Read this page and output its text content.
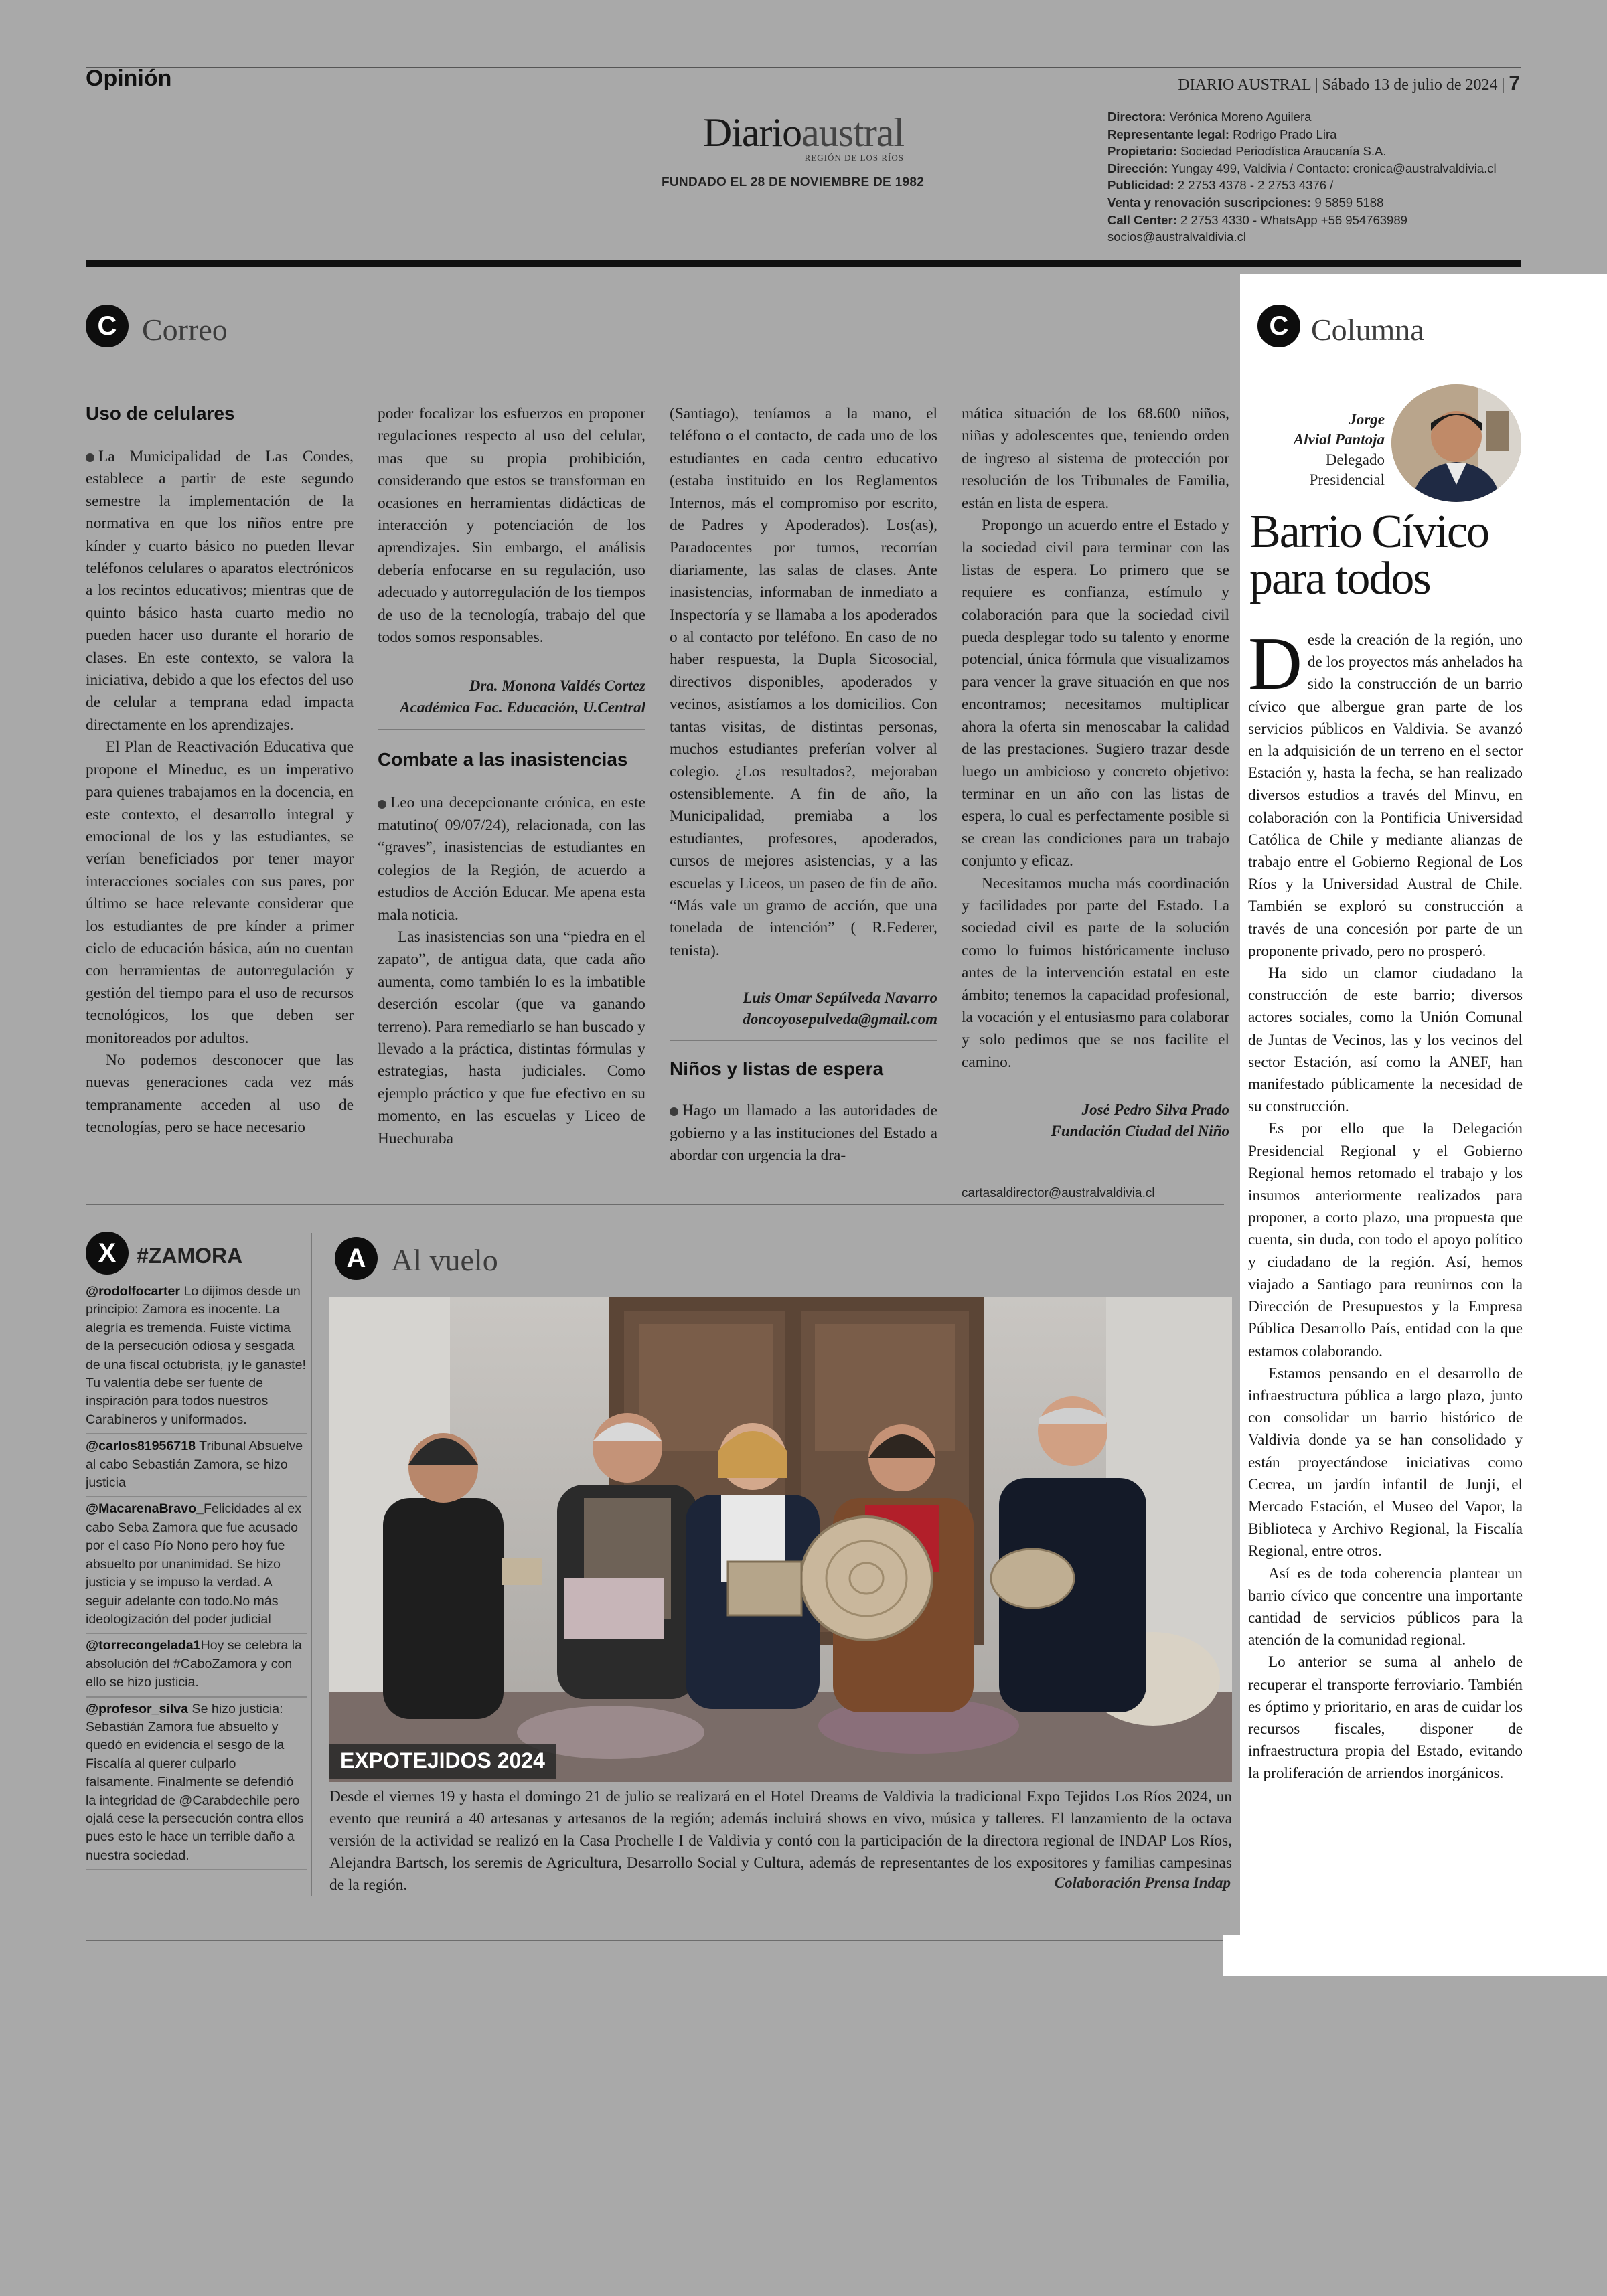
Opinión	DIARIO AUSTRAL | Sábado 13 de julio de 2024 | 7
Diarioaustral
REGIÓN DE LOS RÍOS
FUNDADO EL 28 DE NOVIEMBRE DE 1982
Directora: Verónica Moreno Aguilera
Representante legal: Rodrigo Prado Lira
Propietario: Sociedad Periodística Araucanía S.A.
Dirección: Yungay 499, Valdivia / Contacto: cronica@australvaldivia.cl
Publicidad: 2 2753 4378 - 2 2753 4376 /
Venta y renovación suscripciones: 9 5859 5188
Call Center: 2 2753 4330 - WhatsApp +56 954763989
socios@australvaldivia.cl
C Correo
Uso de celulares

La Municipalidad de Las Condes, establece a partir de este segundo semestre la implementación de la normativa en que los niños entre pre kínder y cuarto básico no pueden llevar teléfonos celulares o aparatos electrónicos a los recintos educativos; mientras que de quinto básico hasta cuarto medio no pueden hacer uso durante el horario de clases. En este contexto, se valora la iniciativa, debido a que los efectos del uso de celular a temprana edad impacta directamente en los aprendizajes.

El Plan de Reactivación Educativa que propone el Mineduc, es un imperativo para quienes trabajamos en la docencia, en este contexto, el desarrollo integral y emocional de los y las estudiantes, se verían beneficiados por tener mayor interacciones sociales con sus pares, por último se hace relevante considerar que los estudiantes de pre kínder a primer ciclo de educación básica, aún no cuentan con herramientas de autorregulación y gestión del tiempo para el uso de recursos tecnológicos, los que deben ser monitoreados por adultos.

No podemos desconocer que las nuevas generaciones cada vez más tempranamente acceden al uso de tecnologías, pero se hace necesario

poder focalizar los esfuerzos en proponer regulaciones respecto al uso del celular, mas que su propia prohibición, considerando que estos se transforman en ocasiones en herramientas didácticas de interacción y potenciación de los aprendizajes. Sin embargo, el análisis debería enfocarse en su regulación, uso adecuado y autorregulación de los tiempos de uso de la tecnología, trabajo del que todos somos responsables.

Dra. Monona Valdés Cortez

Académica Fac. Educación, U.Central

Combate a las inasistencias

Leo una decepcionante crónica, en este matutino( 09/07/24), relacionada, con las “graves”, inasistencias de estudiantes en colegios de la Región, de acuerdo a estudios de Acción Educar. Me apena esta mala noticia.

Las inasistencias son una “piedra en el zapato”, de antigua data, que cada año aumenta, como también lo es la imbatible deserción escolar (que va ganando terreno). Para remediarlo se han buscado y llevado a la práctica, distintas fórmulas y estrategias, hasta judiciales. Como ejemplo práctico y que fue efectivo en su momento, en las escuelas y Liceo de Huechuraba

(Santiago), teníamos a la mano, el teléfono o el contacto, de cada uno de los estudiantes en cada centro educativo (estaba instituido en los Reglamentos Internos, más el compromiso por escrito, de Padres y Apoderados). Los(as), Paradocentes por turnos, recorrían diariamente, las salas de clases. Ante inasistencias, informaban de inmediato a Inspectoría y se llamaba a los apoderados o al contacto por teléfono. En caso de no haber respuesta, la Dupla Sicosocial, directivos disponibles, apoderados y vecinos, asistíamos a los domicilios. Con tantas visitas, de distintas personas, muchos estudiantes preferían volver al colegio. ¿Los resultados?, mejoraban ostensiblemente. A fin de año, la Municipalidad, premiaba a los estudiantes, profesores, apoderados, cursos de mejores asistencias, y a las escuelas y Liceos, un paseo de fin de año. “Más vale un gramo de acción, que una tonelada de intención” ( R.Federer, tenista).

Luis Omar Sepúlveda Navarro

doncoyosepulveda@gmail.com

Niños y listas de espera

Hago un llamado a las autoridades de gobierno y a las instituciones del Estado a abordar con urgencia la dra-

mática situación de los 68.600 niños, niñas y adolescentes que, teniendo orden de ingreso al sistema de protección por resolución de los Tribunales de Familia, están en lista de espera.

Propongo un acuerdo entre el Estado y la sociedad civil para terminar con las listas de espera. Lo primero que se requiere es confianza, estímulo y colaboración para que la sociedad civil pueda desplegar todo su talento y enorme potencial, única fórmula que visualizamos para vencer la grave situación en que nos encontramos; necesitamos multiplicar ahora la oferta sin menoscabar la calidad de las prestaciones. Sugiero trazar desde luego un ambicioso y concreto objetivo: terminar en un año con las listas de espera, lo cual es perfectamente posible si se crean las condiciones para un trabajo conjunto y eficaz.

Necesitamos mucha más coordinación y facilidades por parte del Estado. La sociedad civil es parte de la solución como lo fuimos históricamente incluso antes de la intervención estatal en este ámbito; tenemos la capacidad profesional, la vocación y el entusiasmo para colaborar y solo pedimos que se nos facilite el camino.

José Pedro Silva Prado

Fundación Ciudad del Niño

cartasaldirector@australvaldivia.cl
X #ZAMORA

@rodolfocarter Lo dijimos desde un principio: Zamora es inocente. La alegría es tremenda. Fuiste víctima de la persecución odiosa y sesgada de una fiscal octubrista, ¡y le ganaste! Tu valentía debe ser fuente de inspiración para todos nuestros Carabineros y uniformados.

@carlos81956718 Tribunal Absuelve al cabo Sebastián Zamora, se hizo justicia

@MacarenaBravo_Felicidades al ex cabo Seba Zamora que fue acusado por el caso Pío Nono pero hoy fue absuelto por unanimidad. Se hizo justicia y se impuso la verdad. A seguir adelante con todo.No más ideologización del poder judicial

@torrecongelada1Hoy se celebra la absolución del #CaboZamora y con ello se hizo justicia.

@profesor_silva Se hizo justicia: Sebastián Zamora fue absuelto y quedó en evidencia el sesgo de la Fiscalía al querer culparlo falsamente. Finalmente se defendió la integridad de @Carabdechile pero ojalá cese la persecución contra ellos pues esto le hace un terrible daño a nuestra sociedad.

A Al vuelo
EXPOTEJIDOS 2024
Desde el viernes 19 y hasta el domingo 21 de julio se realizará en el Hotel Dreams de Valdivia la tradicional Expo Tejidos Los Ríos 2024, un evento que reunirá a 40 artesanas y artesanos de la región; además incluirá shows en vivo, música y talleres. El lanzamiento de la octava versión de la actividad se realizó en la Casa Prochelle I de Valdivia y contó con la participación de la directora regional de INDAP Los Ríos, Alejandra Bartsch, los seremis de Agricultura, Desarrollo Social y Cultura, además de representantes de los expositores y familias campesinas de la región.	Colaboración Prensa Indap
C Columna
Jorge
Alvial Pantoja
Delegado
Presidencial
Barrio Cívico
para todos

Desde la creación de la región, uno de los proyectos más anhelados ha sido la construcción de un barrio cívico que albergue gran parte de los servicios públicos en Valdivia. Se avanzó en la adquisición de un terreno en el sector Estación y, hasta la fecha, se han realizado diversos estudios a través del Minvu, en colaboración con la Pontificia Universidad Católica de Chile y mediante alianzas de trabajo entre el Gobierno Regional de Los Ríos y la Universidad Austral de Chile. También se exploró su construcción a través de una concesión por parte de un proponente privado, pero no prosperó.

Ha sido un clamor ciudadano la construcción de este barrio; diversos actores sociales, como la Unión Comunal de Juntas de Vecinos, las y los vecinos del sector Estación, así como la ANEF, han manifestado públicamente la necesidad de su construcción.

Es por ello que la Delegación Presidencial Regional y el Gobierno Regional hemos retomado el trabajo y los insumos anteriormente realizados para proponer, a corto plazo, una propuesta que cuenta, sin duda, con todo el apoyo político y ciudadano de la región. Así, hemos viajado a Santiago para reunirnos con la Dirección de Presupuestos y la Empresa Pública Desarrollo País, entidad con la que estamos colaborando.

Estamos pensando en el desarrollo de infraestructura pública a largo plazo, junto con consolidar un barrio histórico de Valdivia donde ya se han consolidado y están proyectándose iniciativas como Cecrea, un jardín infantil de Junji, el Mercado Estación, el Museo del Vapor, la Biblioteca y Archivo Regional, la Fiscalía Regional, entre otros.

Así es de toda coherencia plantear un barrio cívico que concentre una importante cantidad de servicios públicos para la atención de la comunidad regional.

Lo anterior se suma al anhelo de recuperar el transporte ferroviario. También es óptimo y prioritario, en aras de cuidar los recursos fiscales, disponer de infraestructura propia del Estado, evitando la proliferación de arriendos inorgánicos.
